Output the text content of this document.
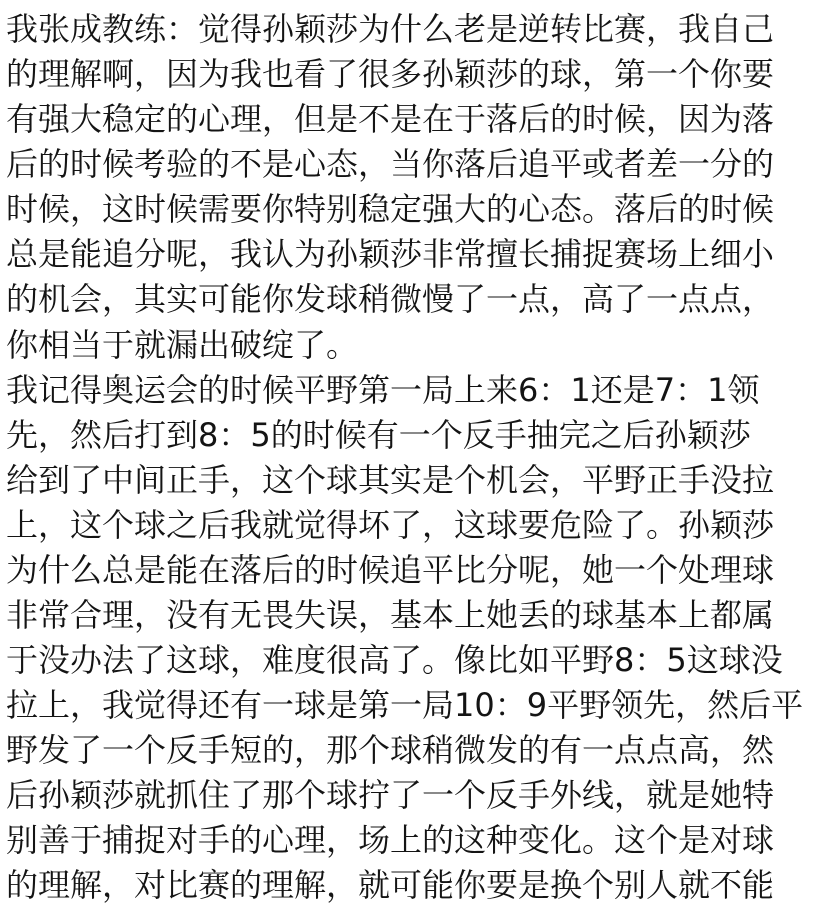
我张成教练：觉得孙颖莎为什么老是逆转比赛，我自己
的理解啊，因为我也看了很多孙颖莎的球，第一个你要
有强大稳定的心理，但是不是在于落后的时候，因为落
后的时候考验的不是心态，当你落后追平或者差一分的
时候，这时候需要你特别稳定强大的心态。落后的时候
总是能追分呢，我认为孙颖莎非常擅长捕捉赛场上细小
的机会，其实可能你发球稍微慢了一点，高了一点点，
你相当于就漏出破绽了。
我记得奥运会的时候平野第一局上来6：1还是7：1领
先，然后打到8：5的时候有一个反手抽完之后孙颖莎
给到了中间正手，这个球其实是个机会，平野正手没拉
上，这个球之后我就觉得坏了，这球要危险了。孙颖莎
为什么总是能在落后的时候追平比分呢，她一个处理球
非常合理，没有无畏失误，基本上她丢的球基本上都属
于没办法了这球，难度很高了。像比如平野8：5这球没
拉上，我觉得还有一球是第一局10：9平野领先，然后平
野发了一个反手短的，那个球稍微发的有一点点高，然
后孙颖莎就抓住了那个球拧了一个反手外线，就是她特
别善于捕捉对手的心理，场上的这种变化。这个是对球
的理解，对比赛的理解，就可能你要是换个别人就不能
